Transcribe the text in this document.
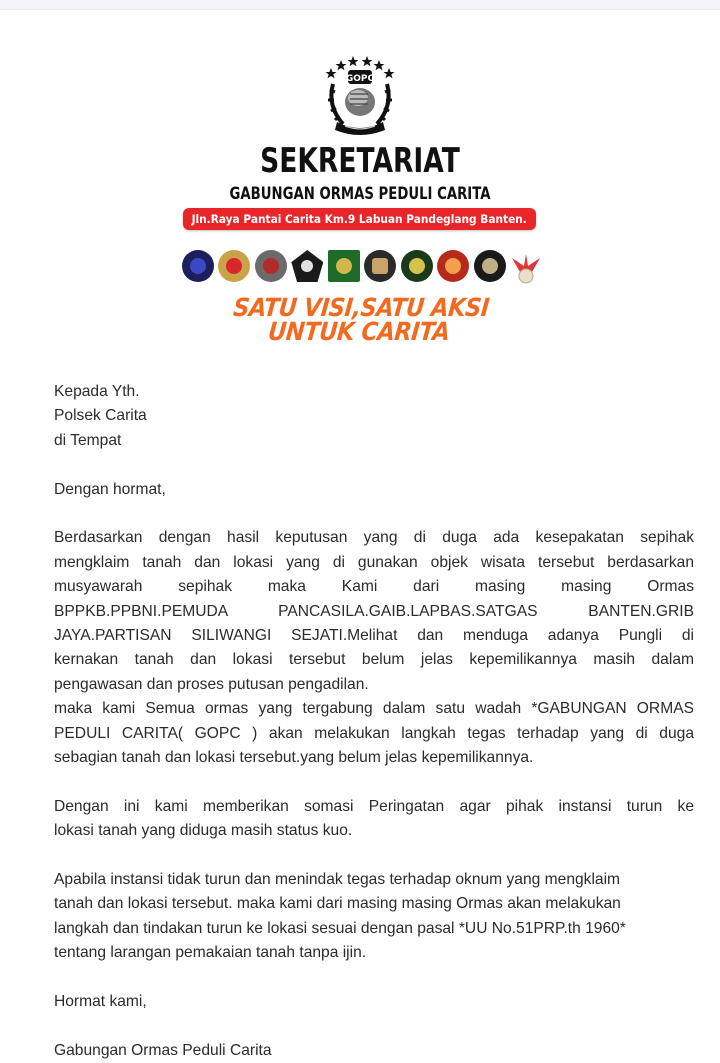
GOPC
SEKRETARIAT
GABUNGAN ORMAS PEDULI CARITA
Jln.Raya Pantai Carita Km.9 Labuan Pandeglang Banten.
SATU VISI,SATU AKSI
UNTUK CARITA
Kepada Yth.
Polsek Carita
di Tempat
Dengan hormat,
Berdasarkan dengan hasil keputusan yang di duga ada kesepakatan sepihak
mengklaim tanah dan lokasi yang di gunakan objek wisata tersebut berdasarkan
musyawarah sepihak maka Kami dari masing masing Ormas
BPPKB.PPBNI.PEMUDA PANCASILA.GAIB.LAPBAS.SATGAS BANTEN.GRIB
JAYA.PARTISAN SILIWANGI SEJATI.Melihat dan menduga adanya Pungli di
kernakan tanah dan lokasi tersebut belum jelas kepemilikannya masih dalam
pengawasan dan proses putusan pengadilan.
maka kami Semua ormas yang tergabung dalam satu wadah *GABUNGAN ORMAS
PEDULI CARITA( GOPC ) akan melakukan langkah tegas terhadap yang di duga
sebagian tanah dan lokasi tersebut.yang belum jelas kepemilikannya.
Dengan ini kami memberikan somasi Peringatan agar pihak instansi turun ke
lokasi tanah yang diduga masih status kuo.
Apabila instansi tidak turun dan menindak tegas terhadap oknum yang mengklaim
tanah dan lokasi tersebut. maka kami dari masing masing Ormas akan melakukan
langkah dan tindakan turun ke lokasi sesuai dengan pasal *UU No.51PRP.th 1960*
tentang larangan pemakaian tanah tanpa ijin.
Hormat kami,
Gabungan Ormas Peduli Carita
